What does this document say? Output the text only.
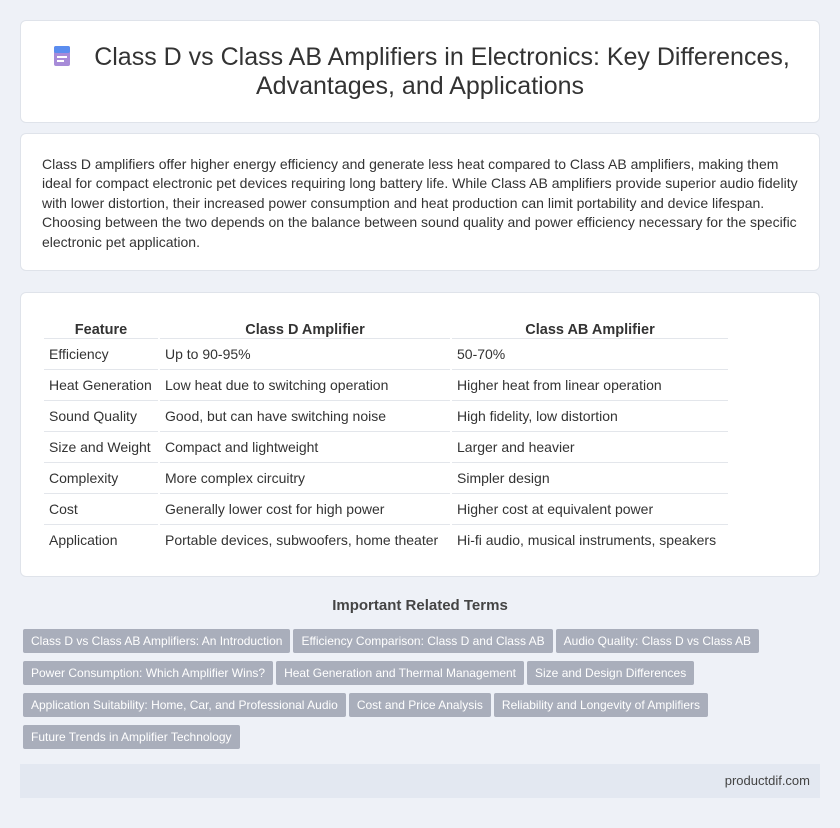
Class D vs Class AB Amplifiers in Electronics: Key Differences,
Advantages, and Applications

Class D amplifiers offer higher energy efficiency and generate less heat compared to Class AB amplifiers, making them ideal for compact electronic pet devices requiring long battery life. While Class AB amplifiers provide superior audio fidelity with lower distortion, their increased power consumption and heat production can limit portability and device lifespan. Choosing between the two depends on the balance between sound quality and power efficiency necessary for the specific electronic pet application.

Feature	Class D Amplifier	Class AB Amplifier
Efficiency	Up to 90-95%	50-70%
Heat Generation	Low heat due to switching operation	Higher heat from linear operation
Sound Quality	Good, but can have switching noise	High fidelity, low distortion
Size and Weight	Compact and lightweight	Larger and heavier
Complexity	More complex circuitry	Simpler design
Cost	Generally lower cost for high power	Higher cost at equivalent power
Application	Portable devices, subwoofers, home theater	Hi-fi audio, musical instruments, speakers
Important Related Terms
Class D vs Class AB Amplifiers: An Introduction Efficiency Comparison: Class D and Class AB Audio Quality: Class D vs Class ABPower Consumption: Which Amplifier Wins? Heat Generation and Thermal Management Size and Design DifferencesApplication Suitability: Home, Car, and Professional Audio Cost and Price Analysis Reliability and Longevity of AmplifiersFuture Trends in Amplifier Technology
productdif.com
